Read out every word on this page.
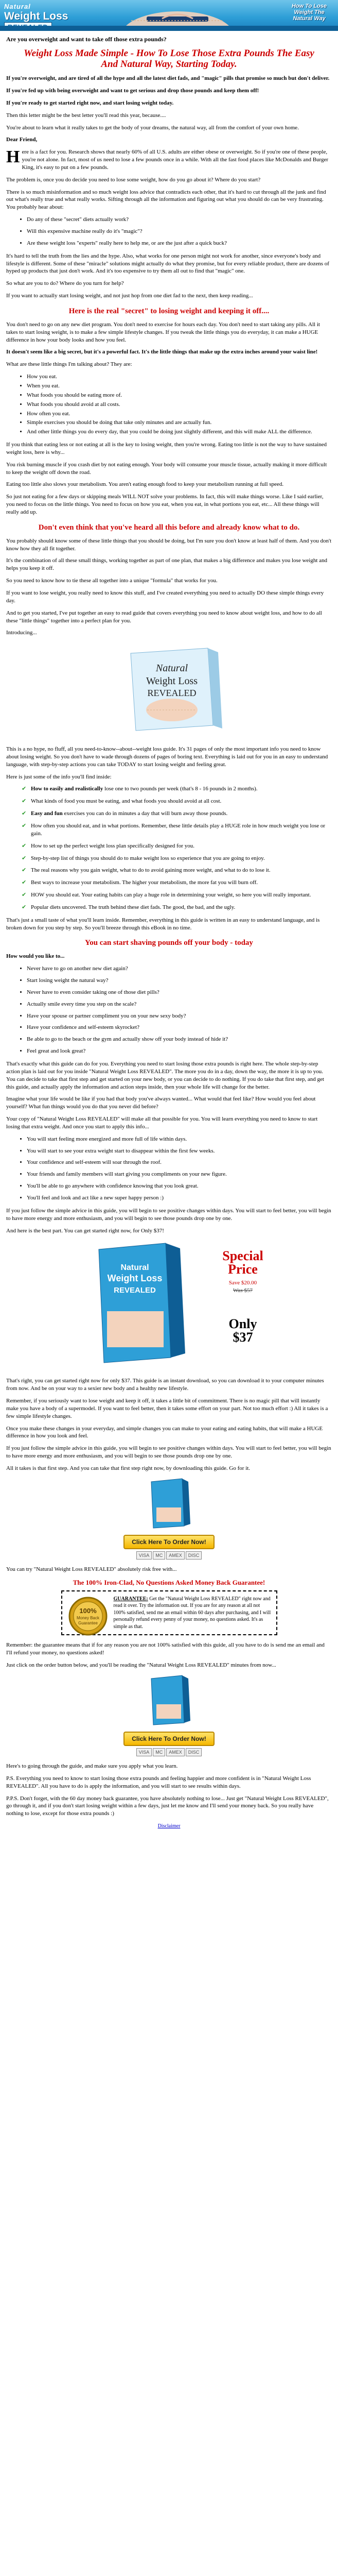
Natural
Weight Loss
How To Lose Weight The Natural Way

Are you overweight and want to take off those extra pounds?

Weight Loss Made Simple - How To Lose Those Extra Pounds The Easy And Natural Way, Starting Today.

If you're overweight, and are tired of all the hype and all the latest diet fads, and "magic" pills that promise so much but don't deliver.

If you're fed up with being overweight and want to get serious and drop those pounds and keep them off!

If you're ready to get started right now, and start losing weight today.

Then this letter might be the best letter you'll read this year, because....

You're about to learn what it really takes to get the body of your dreams, the natural way, all from the comfort of your own home.

Dear Friend,

Here is a fact for you. Research shows that nearly 60% of all U.S. adults are either obese or overweight. So if you're one of these people, you're not alone. In fact, most of us need to lose a few pounds once in a while. With all the fast food places like McDonalds and Burger King, it's easy to put on a few pounds.

The problem is, once you do decide you need to lose some weight, how do you go about it? Where do you start?

There is so much misinformation and so much weight loss advice that contradicts each other, that it's hard to cut through all the junk and find out what's really true and what really works. Sifting through all the information and figuring out what you should do can be very frustrating. You probably hear about:

• Do any of these "secret" diets actually work?
• Will this expensive machine really do it's "magic"?
• Are these weight loss "experts" really here to help me, or are the just after a quick buck?

It's hard to tell the truth from the lies and the hype. Also, what works for one person might not work for another, since everyone's body and lifestyle is different. Some of these "miracle" solutions might actually do what they promise, but for every reliable product, there are dozens of hyped up products that just don't work. And it's too expensive to try them all out to find that "magic" one.

So what are you to do? Where do you turn for help?

If you want to actually start losing weight, and not just hop from one diet fad to the next, then keep reading...

Here is the real "secret" to losing weight and keeping it off....

You don't need to go on any new diet program. You don't need to exercise for hours each day. You don't need to start taking any pills. All it takes to start losing weight, is to make a few simple lifestyle changes. If you tweak the little things you do everyday, it can make a HUGE difference in how your body looks and how you feel.

It doesn't seem like a big secret, but it's a powerful fact. It's the little things that make up the extra inches around your waist line!

What are these little things I'm talking about? They are:

• How you eat.
• When you eat.
• What foods you should be eating more of.
• What foods you should avoid at all costs.
• How often you eat.
• Simple exercises you should be doing that take only minutes and are actually fun.
• And other little things you do every day, that you could be doing just slightly different, and this will make ALL the difference.

If you think that eating less or not eating at all is the key to losing weight, then you're wrong. Eating too little is not the way to have sustained weight loss, here is why...

You risk burning muscle if you crash diet by not eating enough. Your body will consume your muscle tissue, actually making it more difficult to keep the weight off down the road.

Eating too little also slows your metabolism. You aren't eating enough food to keep your metabolism running at full speed.

So just not eating for a few days or skipping meals WILL NOT solve your problems. In fact, this will make things worse. Like I said earlier, you need to focus on the little things. You need to focus on how you eat, when you eat, in what portions you eat, etc... All these things will really add up.

Don't even think that you've heard all this before and already know what to do.

You probably should know some of these little things that you should be doing, but I'm sure you don't know at least half of them. And you don't know how they all fit together.

It's the combination of all these small things, working together as part of one plan, that makes a big difference and makes you lose weight and helps you keep it off.

So you need to know how to tie these all together into a unique "formula" that works for you.

If you want to lose weight, you really need to know this stuff, and I've created everything you need to actually DO these simple things every day.

And to get you started, I've put together an easy to read guide that covers everything you need to know about weight loss, and how to do all these "little things" together into a perfect plan for you.

Introducing...

Natural
Weight Loss
REVEALED

This is a no hype, no fluff, all you need-to-know--about--weight loss guide. It's 31 pages of only the most important info you need to know about losing weight. So you don't have to wade through dozens of pages of boring text. Everything is laid out for you in an easy to understand language, with step-by-step actions you can take TODAY to start losing weight and feeling great.

Here is just some of the info you'll find inside:

✔ How to easily and realistically lose one to two pounds per week (that's 8 - 16 pounds in 2 months).
✔ What kinds of food you must be eating, and what foods you should avoid at all cost.
✔ Easy and fun exercises you can do in minutes a day that will burn away those pounds.
✔ How often you should eat, and in what portions. Remember, these little details play a HUGE role in how much weight you lose or gain.
✔ How to set up the perfect weight loss plan specifically designed for you.
✔ Step-by-step list of things you should do to make weight loss so experience that you are going to enjoy.
✔ The real reasons why you gain weight, what to do to avoid gaining more weight, and what to do to lose it.
✔ Best ways to increase your metabolism. The higher your metabolism, the more fat you will burn off.
✔ HOW you should eat. Your eating habits can play a huge role in determining your weight, so here you will really important.
✔ Popular diets uncovered. The truth behind these diet fads. The good, the bad, and the ugly.

That's just a small taste of what you'll learn inside. Remember, everything in this guide is written in an easy to understand language, and is broken down for you step by step. So you'll breeze through this eBook in no time.

You can start shaving pounds off your body - today

How would you like to...

• Never have to go on another new diet again?
• Start losing weight the natural way?
• Never have to even consider taking one of those diet pills?
• Actually smile every time you step on the scale?
• Have your spouse or partner compliment you on your new sexy body?
• Have your confidence and self-esteem skyrocket?
• Be able to go to the beach or the gym and actually show off your body instead of hide it?
• Feel great and look great?

That's exactly what this guide can do for you. Everything you need to start losing those extra pounds is right here. The whole step-by-step action plan is laid out for you inside "Natural Weight Loss REVEALED". The more you do in a day, down the way, the more it is up to you. You can decide to take that first step and get started on your new body, or you can decide to do nothing. If you do take that first step, and get this guide, and actually apply the information and action steps inside, then your whole life will change for the better.

Imagine what your life would be like if you had that body you've always wanted... What would that feel like? How would you feel about yourself? What fun things would you do that you never did before?

Your copy of "Natural Weight Loss REVEALED" will make all that possible for you. You will learn everything you need to know to start losing that extra weight. And once you start to apply this info...

• You will start feeling more energized and more full of life within days.
• You will start to see your extra weight start to disappear within the first few weeks.
• Your confidence and self-esteem will soar through the roof.
• Your friends and family members will start giving you compliments on your new figure.
• You'll be able to go anywhere with confidence knowing that you look great.
• You'll feel and look and act like a new super happy person :)

If you just follow the simple advice in this guide, you will begin to see positive changes within days. You will start to feel better, you will begin to have more energy and more enthusiasm, and you will begin to see those pounds drop one by one.

And here is the best part. You can get started right now, for Only $37!

Natural
Weight Loss
REVEALED
Special Price
Save $20.00
Was $57
Only
$37

That's right, you can get started right now for only $37. This guide is an instant download, so you can download it to your computer minutes from now. And be on your way to a sexier new body and a healthy new lifestyle.

Remember, if you seriously want to lose weight and keep it off, it takes a little bit of commitment. There is no magic pill that will instantly make you have a body of a supermodel. If you want to feel better, then it takes some effort on your part. Not too much effort :) All it takes is a few simple lifestyle changes.

Once you make these changes in your everyday, and simple changes you can make to your eating and eating habits, that will make a HUGE difference in how you look and feel.

If you just follow the simple advice in this guide, you will begin to see positive changes within days. You will start to feel better, you will begin to have more energy and more enthusiasm, and you will begin to see those pounds drop one by one.

All it takes is that first step. And you can take that first step right now, by downloading this guide. Go for it.

Click Here To Order Now!
VISA MC AMEX DISC

You can try "Natural Weight Loss REVEALED" absolutely risk free with...

The 100% Iron-Clad, No Questions Asked Money Back Guarantee!
100%
Money Back
Guarantee
GUARANTEE: Get the "Natural Weight Loss REVEALED" right now and read it over. Try the information out. If you are for any reason at all not 100% satisfied, send me an email within 60 days after purchasing, and I will personally refund every penny of your money, no questions asked. It's as simple as that.

Remember: the guarantee means that if for any reason you are not 100% satisfied with this guide, all you have to do is send me an email and I'll refund your money, no questions asked!

Just click on the order button below, and you'll be reading the "Natural Weight Loss REVEALED" minutes from now...

Click Here To Order Now!
VISA MC AMEX DISC

Here's to going through the guide, and make sure you apply what you learn.

P.S. Everything you need to know to start losing those extra pounds and feeling happier and more confident is in "Natural Weight Loss REVEALED". All you have to do is apply the information, and you will start to see results within days.

P.P.S. Don't forget, with the 60 day money back guarantee, you have absolutely nothing to lose... Just get "Natural Weight Loss REVEALED", go through it, and if you don't start losing weight within a few days, just let me know and I'll send your money back. So you really have nothing to lose, except for those extra pounds :)

Disclaimer
